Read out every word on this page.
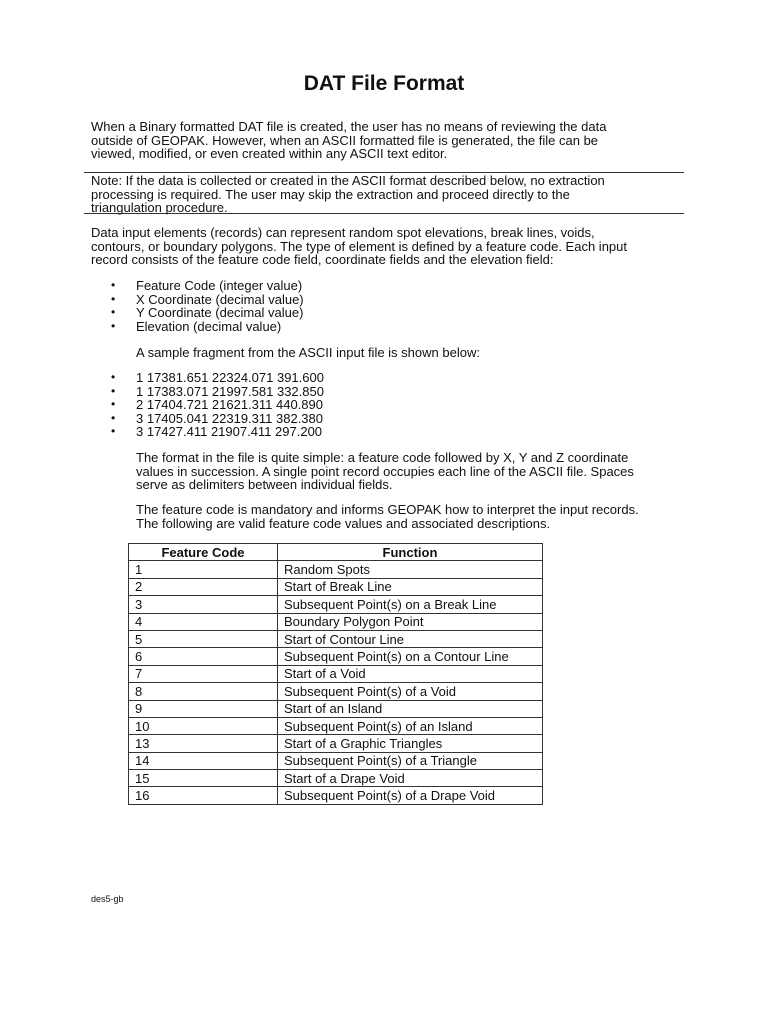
DAT File Format
When a Binary formatted DAT file is created, the user has no means of reviewing the data
outside of GEOPAK. However, when an ASCII formatted file is generated, the file can be
viewed, modified, or even created within any ASCII text editor.
Note: If the data is collected or created in the ASCII format described below, no extraction
processing is required. The user may skip the extraction and proceed directly to the
triangulation procedure.
Data input elements (records) can represent random spot elevations, break lines, voids,
contours, or boundary polygons. The type of element is defined by a feature code. Each input
record consists of the feature code field, coordinate fields and the elevation field:
• Feature Code (integer value)
• X Coordinate (decimal value)
• Y Coordinate (decimal value)
• Elevation (decimal value)
A sample fragment from the ASCII input file is shown below:
• 1 17381.651 22324.071 391.600
• 1 17383.071 21997.581 332.850
• 2 17404.721 21621.311 440.890
• 3 17405.041 22319.311 382.380
• 3 17427.411 21907.411 297.200
The format in the file is quite simple: a feature code followed by X, Y and Z coordinate
values in succession. A single point record occupies each line of the ASCII file. Spaces
serve as delimiters between individual fields.
The feature code is mandatory and informs GEOPAK how to interpret the input records.
The following are valid feature code values and associated descriptions.
Feature Code	Function
1	Random Spots
2	Start of Break Line
3	Subsequent Point(s) on a Break Line
4	Boundary Polygon Point
5	Start of Contour Line
6	Subsequent Point(s) on a Contour Line
7	Start of a Void
8	Subsequent Point(s) of a Void
9	Start of an Island
10	Subsequent Point(s) of an Island
13	Start of a Graphic Triangles
14	Subsequent Point(s) of a Triangle
15	Start of a Drape Void
16	Subsequent Point(s) of a Drape Void
des5-gb
